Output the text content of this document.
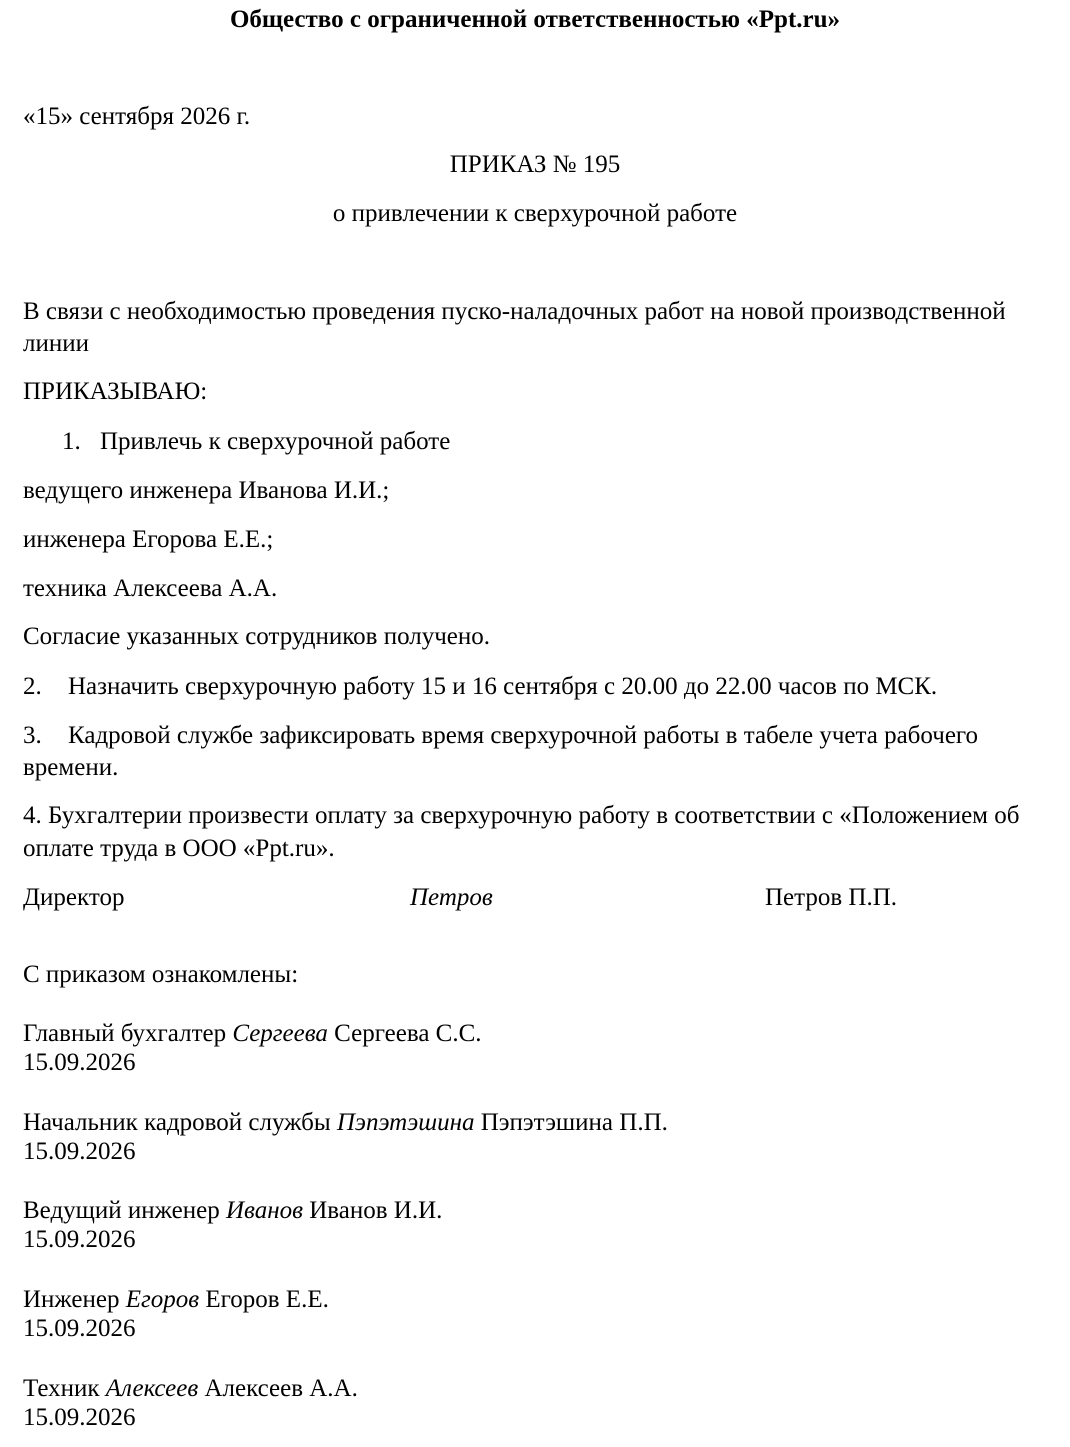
Общество с ограниченной ответственностью «Ppt.ru»
«15» сентября 2026 г.
ПРИКАЗ № 195
о привлечении к сверхурочной работе
В связи с необходимостью проведения пуско-наладочных работ на новой производственной
линии
ПРИКАЗЫВАЮ:
1. Привлечь к сверхурочной работе
ведущего инженера Иванова И.И.;
инженера Егорова Е.Е.;
техника Алексеева А.А.
Согласие указанных сотрудников получено.
2. Назначить сверхурочную работу 15 и 16 сентября с 20.00 до 22.00 часов по МСК.
3. Кадровой службе зафиксировать время сверхурочной работы в табеле учета рабочего
времени.
4. Бухгалтерии произвести оплату за сверхурочную работу в соответствии с «Положением об
оплате труда в ООО «Ppt.ru».
Директор	Петров	Петров П.П.
С приказом ознакомлены:
Главный бухгалтер Сергеева Сергеева С.С.
15.09.2026
Начальник кадровой службы Пэпэтэшина Пэпэтэшина П.П.
15.09.2026
Ведущий инженер Иванов Иванов И.И.
15.09.2026
Инженер Егоров Егоров Е.Е.
15.09.2026
Техник Алексеев Алексеев А.А.
15.09.2026
